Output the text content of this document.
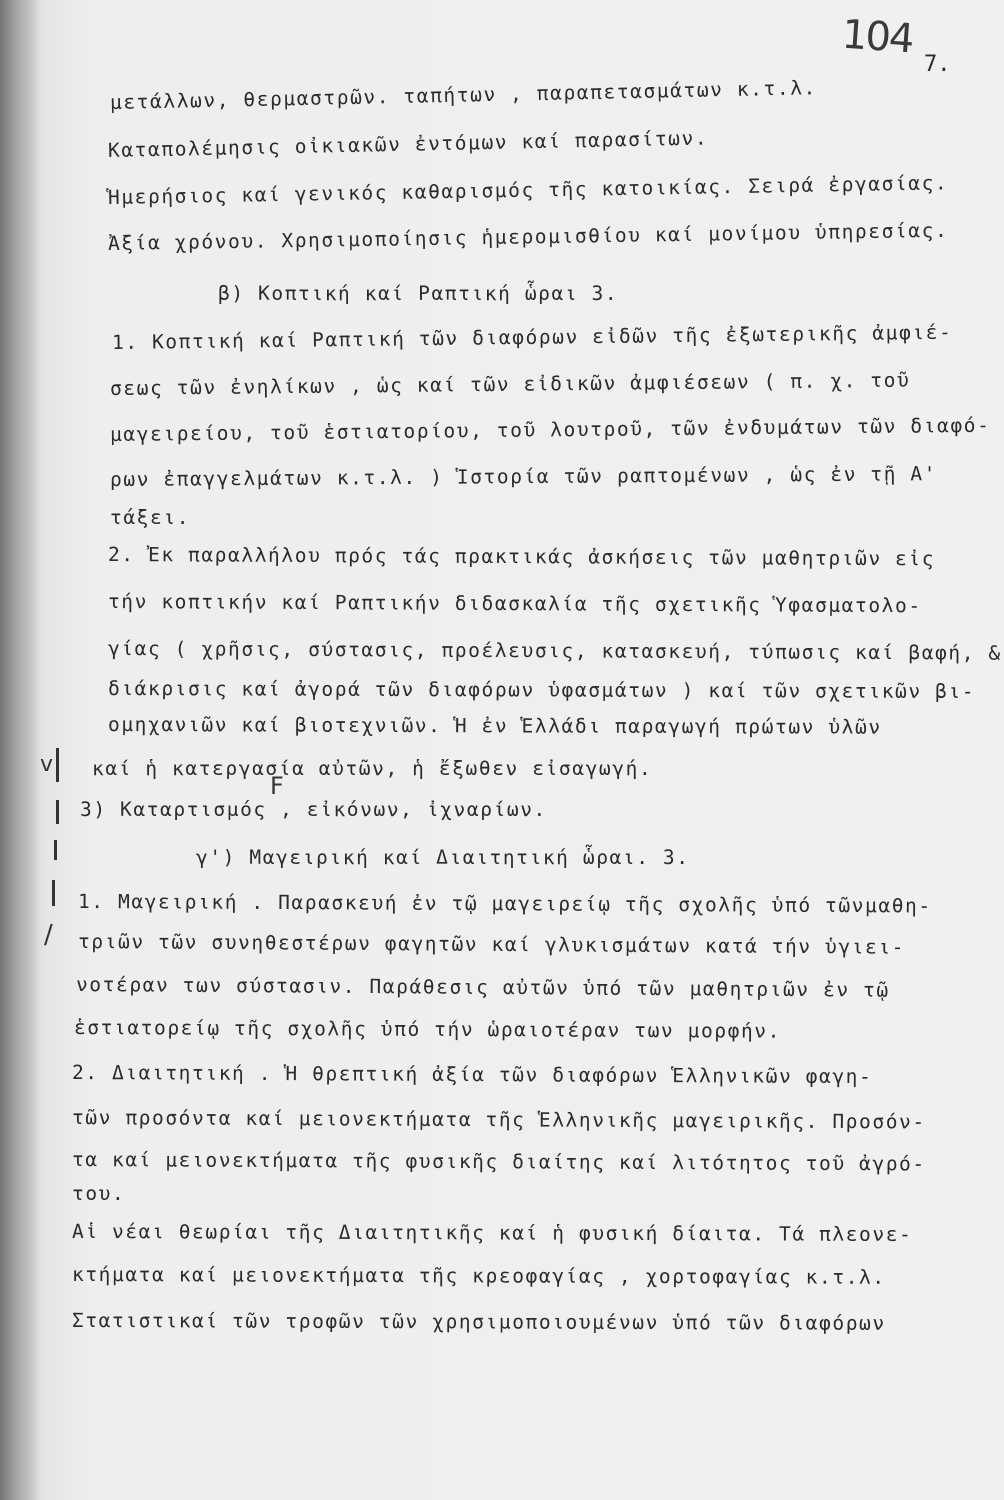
104
7.
μετάλλων, θερμαστρῶν. ταπήτων , παραπετασμάτων κ.τ.λ.
Καταπολέμησις οἰκιακῶν ἐντόμων καί παρασίτων.
Ἡμερήσιος καί γενικός καθαρισμός τῆς κατοικίας. Σειρά ἐργασίας.
Ἀξία χρόνου. Χρησιμοποίησις ἡμερομισθίου καί μονίμου ὑπηρεσίας.
β) Κοπτική καί Ραπτική ὧραι 3.
1. Κοπτική καί Ραπτική τῶν διαφόρων εἰδῶν τῆς ἐξωτερικῆς ἀμφιέ-
σεως τῶν ἐνηλίκων , ὡς καί τῶν εἰδικῶν ἀμφιέσεων ( π. χ. τοῦ
μαγειρείου, τοῦ ἑστιατορίου, τοῦ λουτροῦ, τῶν ἐνδυμάτων τῶν διαφό-
ρων ἐπαγγελμάτων κ.τ.λ. ) Ἱστορία τῶν ραπτομένων , ὡς ἐν τῇ Α'
τάξει.
2. Ἐκ παραλλήλου πρός τάς πρακτικάς ἀσκήσεις τῶν μαθητριῶν εἰς
τήν κοπτικήν καί Ραπτικήν διδασκαλία τῆς σχετικῆς Ὑφασματολο-
γίας ( χρῆσις, σύστασις, προέλευσις, κατασκευή, τύπωσις καί βαφή, &
διάκρισις καί ἀγορά τῶν διαφόρων ὑφασμάτων ) καί τῶν σχετικῶν βι-
ομηχανιῶν καί βιοτεχνιῶν. Ἡ ἐν Ἑλλάδι παραγωγή πρώτων ὑλῶν
καί ἡ κατεργασία αὐτῶν, ἡ ἔξωθεν εἰσαγωγή.
3) Καταρτισμός , εἰκόνων, ἰχναρίων.
γ') Μαγειρική καί Διαιτητική ὧραι. 3.
1. Μαγειρική . Παρασκευή ἐν τῷ μαγειρείῳ τῆς σχολῆς ὑπό τῶνμαθη-
τριῶν τῶν συνηθεστέρων φαγητῶν καί γλυκισμάτων κατά τήν ὑγιει-
νοτέραν των σύστασιν. Παράθεσις αὐτῶν ὑπό τῶν μαθητριῶν ἐν τῷ
ἑστιατορείῳ τῆς σχολῆς ὑπό τήν ὡραιοτέραν των μορφήν.
2. Διαιτητική . Ἡ θρεπτική ἀξία τῶν διαφόρων Ἑλληνικῶν φαγη-
τῶν προσόντα καί μειονεκτήματα τῆς Ἑλληνικῆς μαγειρικῆς. Προσόν-
τα καί μειονεκτήματα τῆς φυσικῆς διαίτης καί λιτότητος τοῦ ἀγρό-
του.
Αἱ νέαι θεωρίαι τῆς Διαιτητικῆς καί ἡ φυσική δίαιτα. Τά πλεονε-
κτήματα καί μειονεκτήματα τῆς κρεοφαγίας , χορτοφαγίας κ.τ.λ.
Στατιστικαί τῶν τροφῶν τῶν χρησιμοποιουμένων ὑπό τῶν διαφόρων
F
v
/
